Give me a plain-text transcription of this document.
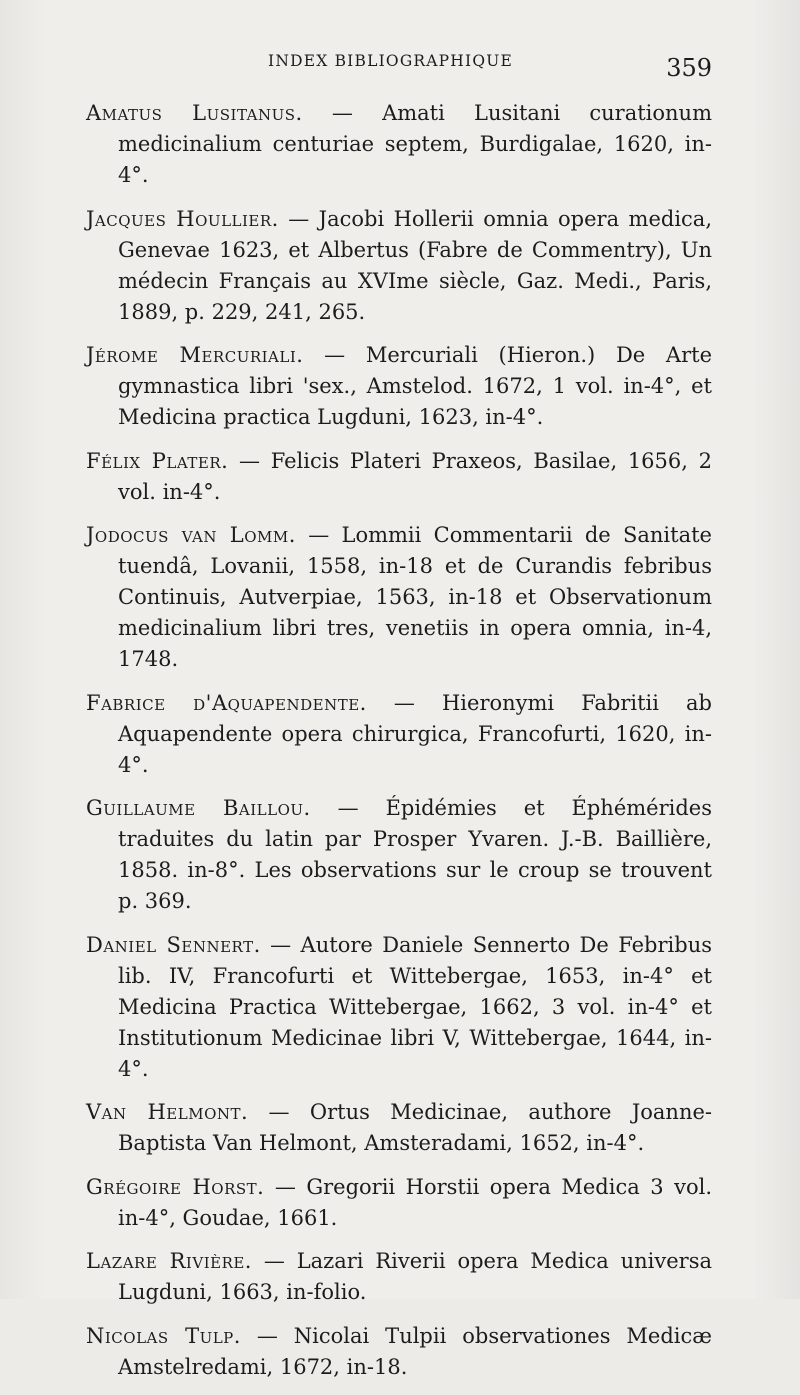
INDEX BIBLIOGRAPHIQUE	359

Amatus Lusitanus. — Amati Lusitani curationum medicinalium centuriae septem, Burdigalae, 1620, in-4°.

Jacques Houllier. — Jacobi Hollerii omnia opera medica, Genevae 1623, et Albertus (Fabre de Commentry), Un médecin Français au XVIme siècle, Gaz. Medi., Paris, 1889, p. 229, 241, 265.

Jérome Mercuriali. — Mercuriali (Hieron.) De Arte gymnastica libri 'sex., Amstelod. 1672, 1 vol. in-4°, et Medicina practica Lugduni, 1623, in-4°.

Félix Plater. — Felicis Plateri Praxeos, Basilae, 1656, 2 vol. in-4°.

Jodocus van Lomm. — Lommii Commentarii de Sanitate tuendâ, Lovanii, 1558, in-18 et de Curandis febribus Continuis, Autverpiae, 1563, in-18 et Observationum medicinalium libri tres, venetiis in opera omnia, in-4, 1748.

Fabrice d'Aquapendente. — Hieronymi Fabritii ab Aquapendente opera chirurgica, Francofurti, 1620, in-4°.

Guillaume Baillou. — Épidémies et Éphémérides traduites du latin par Prosper Yvaren. J.-B. Baillière, 1858. in-8°. Les observations sur le croup se trouvent p. 369.

Daniel Sennert. — Autore Daniele Sennerto De Febribus lib. IV, Francofurti et Wittebergae, 1653, in-4° et Medicina Practica Wittebergae, 1662, 3 vol. in-4° et Institutionum Medicinae libri V, Wittebergae, 1644, in-4°.

Van Helmont. — Ortus Medicinae, authore Joanne-Baptista Van Helmont, Amsteradami, 1652, in-4°.

Grégoire Horst. — Gregorii Horstii opera Medica 3 vol. in-4°, Goudae, 1661.

Lazare Rivière. — Lazari Riverii opera Medica universa Lugduni, 1663, in-folio.

Nicolas Tulp. — Nicolai Tulpii observationes Medicæ Amstelredami, 1672, in-18.
